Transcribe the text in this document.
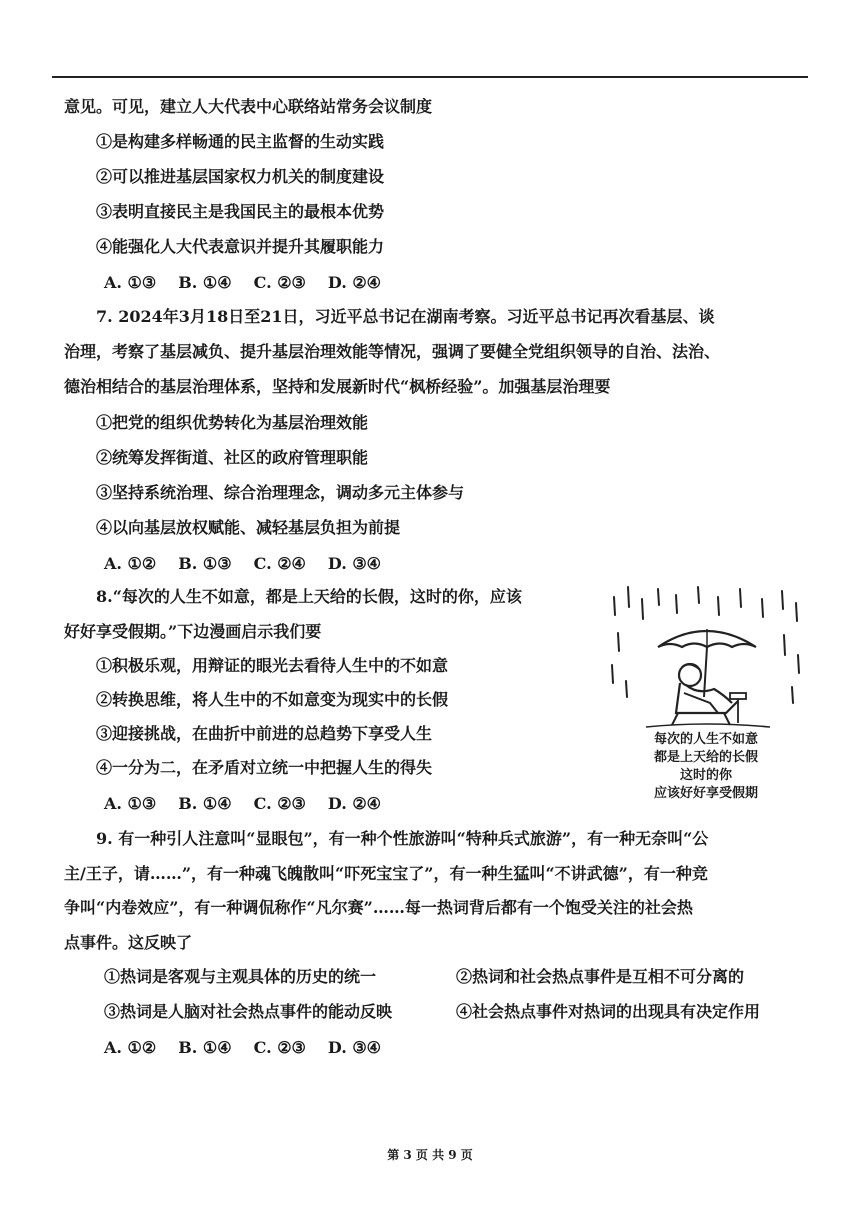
意见。可见，建立人大代表中心联络站常务会议制度
①是构建多样畅通的民主监督的生动实践
②可以推进基层国家权力机关的制度建设
③表明直接民主是我国民主的最根本优势
④能强化人大代表意识并提升其履职能力
A. ①③ B. ①④ C. ②③ D. ②④
7. 2024年3月18日至21日，习近平总书记在湖南考察。习近平总书记再次看基层、谈
治理，考察了基层减负、提升基层治理效能等情况，强调了要健全党组织领导的自治、法治、
德治相结合的基层治理体系，坚持和发展新时代“枫桥经验”。加强基层治理要
①把党的组织优势转化为基层治理效能
②统筹发挥街道、社区的政府管理职能
③坚持系统治理、综合治理理念，调动多元主体参与
④以向基层放权赋能、减轻基层负担为前提
A. ①② B. ①③ C. ②④ D. ③④
8.“每次的人生不如意，都是上天给的长假，这时的你，应该
好好享受假期。”下边漫画启示我们要
①积极乐观，用辩证的眼光去看待人生中的不如意
②转换思维，将人生中的不如意变为现实中的长假
③迎接挑战，在曲折中前进的总趋势下享受人生
④一分为二，在矛盾对立统一中把握人生的得失
A. ①③ B. ①④ C. ②③ D. ②④
每次的人生不如意
都是上天给的长假
这时的你
应该好好享受假期
9. 有一种引人注意叫“显眼包”，有一种个性旅游叫“特种兵式旅游”，有一种无奈叫“公
主/王子，请……”，有一种魂飞魄散叫“吓死宝宝了”，有一种生猛叫“不讲武德”，有一种竞
争叫“内卷效应”，有一种调侃称作“凡尔赛”……每一热词背后都有一个饱受关注的社会热
点事件。这反映了
①热词是客观与主观具体的历史的统一	②热词和社会热点事件是互相不可分离的
③热词是人脑对社会热点事件的能动反映	④社会热点事件对热词的出现具有决定作用
A. ①② B. ①④ C. ②③ D. ③④
第 3 页 共 9 页
